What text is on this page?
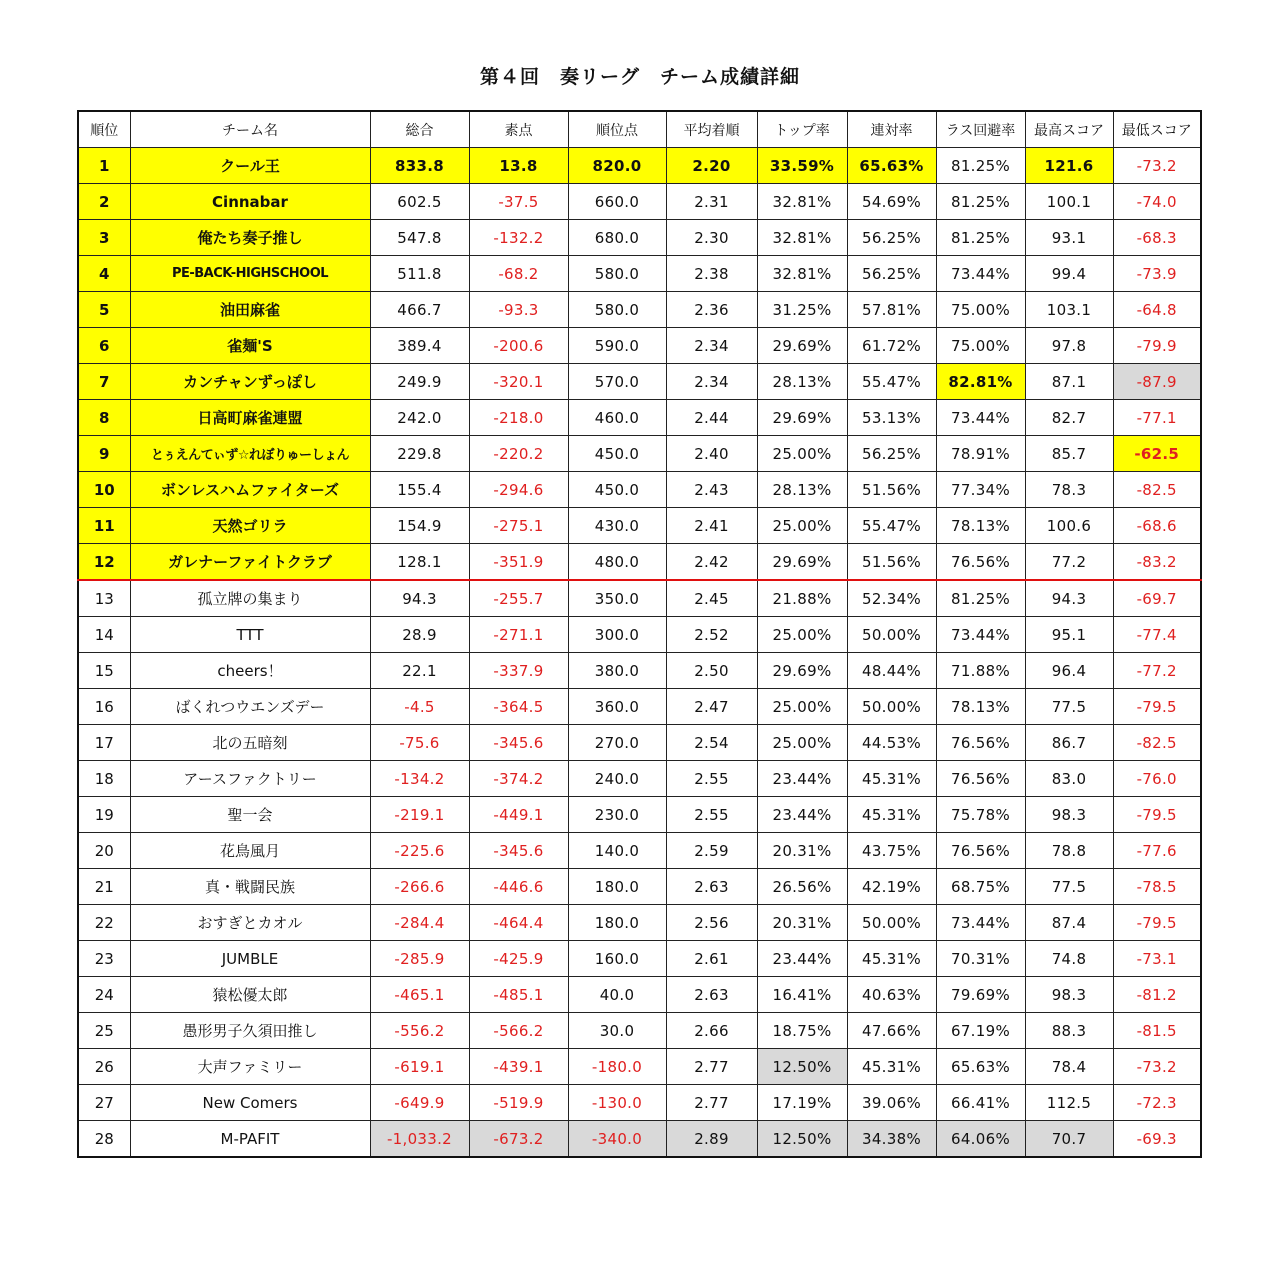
第４回　奏リーグ　チーム成績詳細
順位	チーム名	総合	素点	順位点	平均着順	トップ率	連対率	ラス回避率	最高スコア	最低スコア
1	クール王	833.8	13.8	820.0	2.20	33.59%	65.63%	81.25%	121.6	-73.2
2	Cinnabar	602.5	-37.5	660.0	2.31	32.81%	54.69%	81.25%	100.1	-74.0
3	俺たち奏子推し	547.8	-132.2	680.0	2.30	32.81%	56.25%	81.25%	93.1	-68.3
4	PE-BACK-HIGHSCHOOL	511.8	-68.2	580.0	2.38	32.81%	56.25%	73.44%	99.4	-73.9
5	油田麻雀	466.7	-93.3	580.0	2.36	31.25%	57.81%	75.00%	103.1	-64.8
6	雀麺'S	389.4	-200.6	590.0	2.34	29.69%	61.72%	75.00%	97.8	-79.9
7	カンチャンずっぽし	249.9	-320.1	570.0	2.34	28.13%	55.47%	82.81%	87.1	-87.9
8	日高町麻雀連盟	242.0	-218.0	460.0	2.44	29.69%	53.13%	73.44%	82.7	-77.1
9	とぅえんてぃず☆れぼりゅーしょん	229.8	-220.2	450.0	2.40	25.00%	56.25%	78.91%	85.7	-62.5
10	ボンレスハムファイターズ	155.4	-294.6	450.0	2.43	28.13%	51.56%	77.34%	78.3	-82.5
11	天然ゴリラ	154.9	-275.1	430.0	2.41	25.00%	55.47%	78.13%	100.6	-68.6
12	ガレナーファイトクラブ	128.1	-351.9	480.0	2.42	29.69%	51.56%	76.56%	77.2	-83.2
13	孤立牌の集まり	94.3	-255.7	350.0	2.45	21.88%	52.34%	81.25%	94.3	-69.7
14	TTT	28.9	-271.1	300.0	2.52	25.00%	50.00%	73.44%	95.1	-77.4
15	cheers！	22.1	-337.9	380.0	2.50	29.69%	48.44%	71.88%	96.4	-77.2
16	ばくれつウエンズデー	-4.5	-364.5	360.0	2.47	25.00%	50.00%	78.13%	77.5	-79.5
17	北の五暗刻	-75.6	-345.6	270.0	2.54	25.00%	44.53%	76.56%	86.7	-82.5
18	アースファクトリー	-134.2	-374.2	240.0	2.55	23.44%	45.31%	76.56%	83.0	-76.0
19	聖一会	-219.1	-449.1	230.0	2.55	23.44%	45.31%	75.78%	98.3	-79.5
20	花鳥風月	-225.6	-345.6	140.0	2.59	20.31%	43.75%	76.56%	78.8	-77.6
21	真・戦闘民族	-266.6	-446.6	180.0	2.63	26.56%	42.19%	68.75%	77.5	-78.5
22	おすぎとカオル	-284.4	-464.4	180.0	2.56	20.31%	50.00%	73.44%	87.4	-79.5
23	JUMBLE	-285.9	-425.9	160.0	2.61	23.44%	45.31%	70.31%	74.8	-73.1
24	猿松優太郎	-465.1	-485.1	40.0	2.63	16.41%	40.63%	79.69%	98.3	-81.2
25	愚形男子久須田推し	-556.2	-566.2	30.0	2.66	18.75%	47.66%	67.19%	88.3	-81.5
26	大声ファミリー	-619.1	-439.1	-180.0	2.77	12.50%	45.31%	65.63%	78.4	-73.2
27	New Comers	-649.9	-519.9	-130.0	2.77	17.19%	39.06%	66.41%	112.5	-72.3
28	M-PAFIT	-1,033.2	-673.2	-340.0	2.89	12.50%	34.38%	64.06%	70.7	-69.3
